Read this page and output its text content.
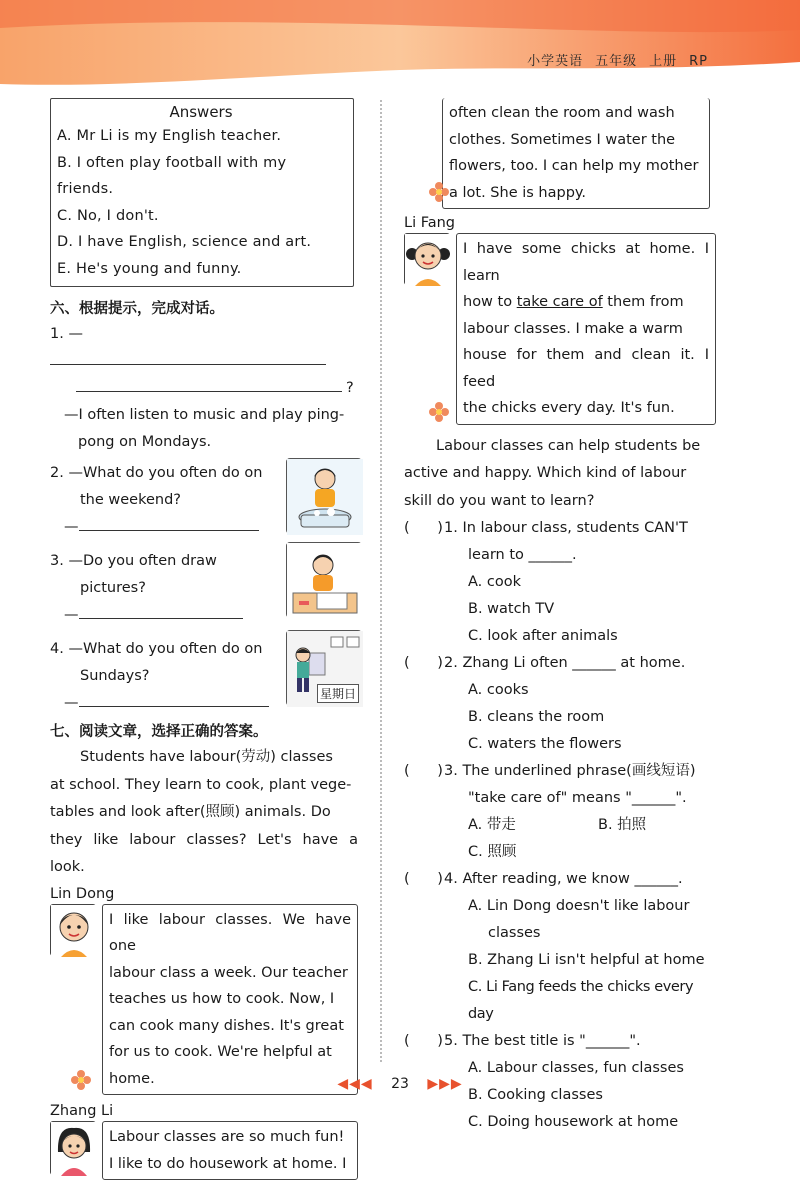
小学英语 五年级 上册 RP
Answers
A. Mr Li is my English teacher.
B. I often play football with my friends.
C. No, I don't.
D. I have English, science and art.
E. He's young and funny.
六、根据提示，完成对话。
1. —
?
—I often listen to music and play ping-
pong on Mondays.
2. —What do you often do on
the weekend?
—
3. —Do you often draw
pictures?
—
4. —What do you often do on
Sundays?
—
星期日
七、阅读文章，选择正确的答案。
Students have labour(劳动) classes
at school. They learn to cook, plant vege-
tables and look after(照顾) animals. Do
they like labour classes? Let's have a look.
Lin Dong
I like labour classes. We have one
labour class a week. Our teacher
teaches us how to cook. Now, I
can cook many dishes. It's great
for us to cook. We're helpful at
home.
Zhang Li
Labour classes are so much fun!
I like to do housework at home. I
often clean the room and wash
clothes. Sometimes I water the
flowers, too. I can help my mother
a lot. She is happy.
Li Fang
I have some chicks at home. I learn
how to take care of them from
labour classes. I make a warm
house for them and clean it. I feed
the chicks every day. It's fun.
Labour classes can help students be
active and happy. Which kind of labour
skill do you want to learn?
(      ) 1. In labour class, students CAN'T
learn to ______.
A. cook
B. watch TV
C. look after animals
(      ) 2. Zhang Li often ______ at home.
A. cooks
B. cleans the room
C. waters the flowers
(      ) 3. The underlined phrase(画线短语)
"take care of" means "______".
A. 带走	B. 拍照
C. 照顾
(      ) 4. After reading, we know ______.
A. Lin Dong doesn't like labour
classes
B. Zhang Li isn't helpful at home
C. Li Fang feeds the chicks every day
(      ) 5. The best title is "______".
A. Labour classes, fun classes
B. Cooking classes
C. Doing housework at home
◀◀◀ 23 ▶▶▶
